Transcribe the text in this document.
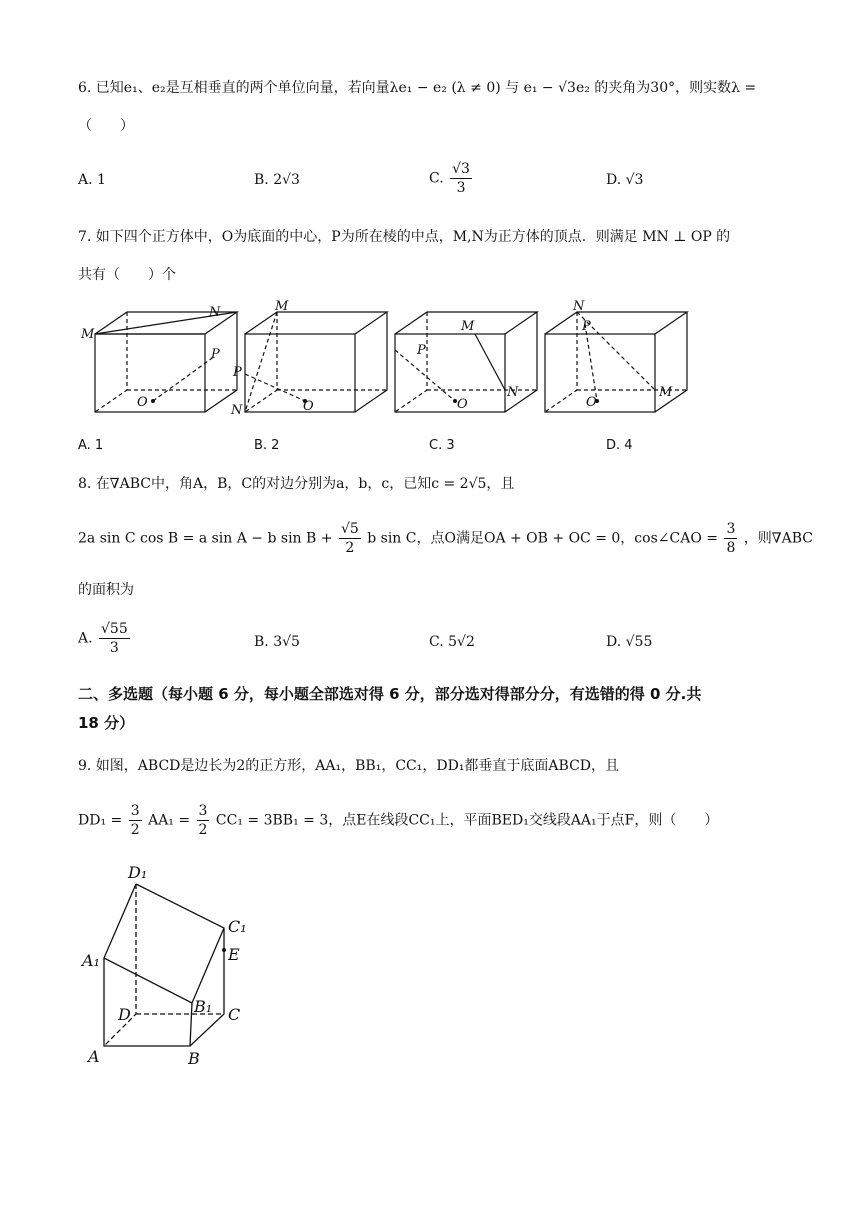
6. 已知e₁、e₂是互相垂直的两个单位向量，若向量λe₁ − e₂ (λ ≠ 0) 与 e₁ − √3e₂ 的夹角为30°，则实数λ =
（　　）
A. 1	B. 2√3	C. $\frac{√3}{3}$	D. √3
7. 如下四个正方体中，O为底面的中心，P为所在棱的中点，M,N为正方体的顶点．则满足 MN ⊥ OP 的
共有（　　）个
M
N
P
O
M
P
N	O
M
P
N
O
N
P
M
O
A. 1	B. 2	C. 3	D. 4
8. 在∇ABC中，角A，B，C的对边分别为a，b，c，已知c = 2√5，且
2a sin C cos B = a sin A − b $\sin B + \frac{√5}{2}$ b sin C，点O满足OA + OB + OC = 0，cos∠CAO = $\frac{3}{8}$ ，则∇ABC
的面积为
A. $\frac{√55}{3}$	B. 3√5	C. 5√2	D. √55
二、多选题（每小题 6 分，每小题全部选对得 6 分，部分选对得部分分，有选错的得 0 分.共
18 分）
9. 如图，ABCD是边长为2的正方形，AA₁，BB₁，CC₁，DD₁都垂直于底面ABCD，且
$DD_1 = \frac{3}{2} AA_1 = \frac{3}{2} CC_1 = 3BB_1 = 3$，点E在线段CC₁上，平面BED₁交线段AA₁于点F，则（　　）
D₁
C₁
A₁	E
D	B₁ C
A	B
